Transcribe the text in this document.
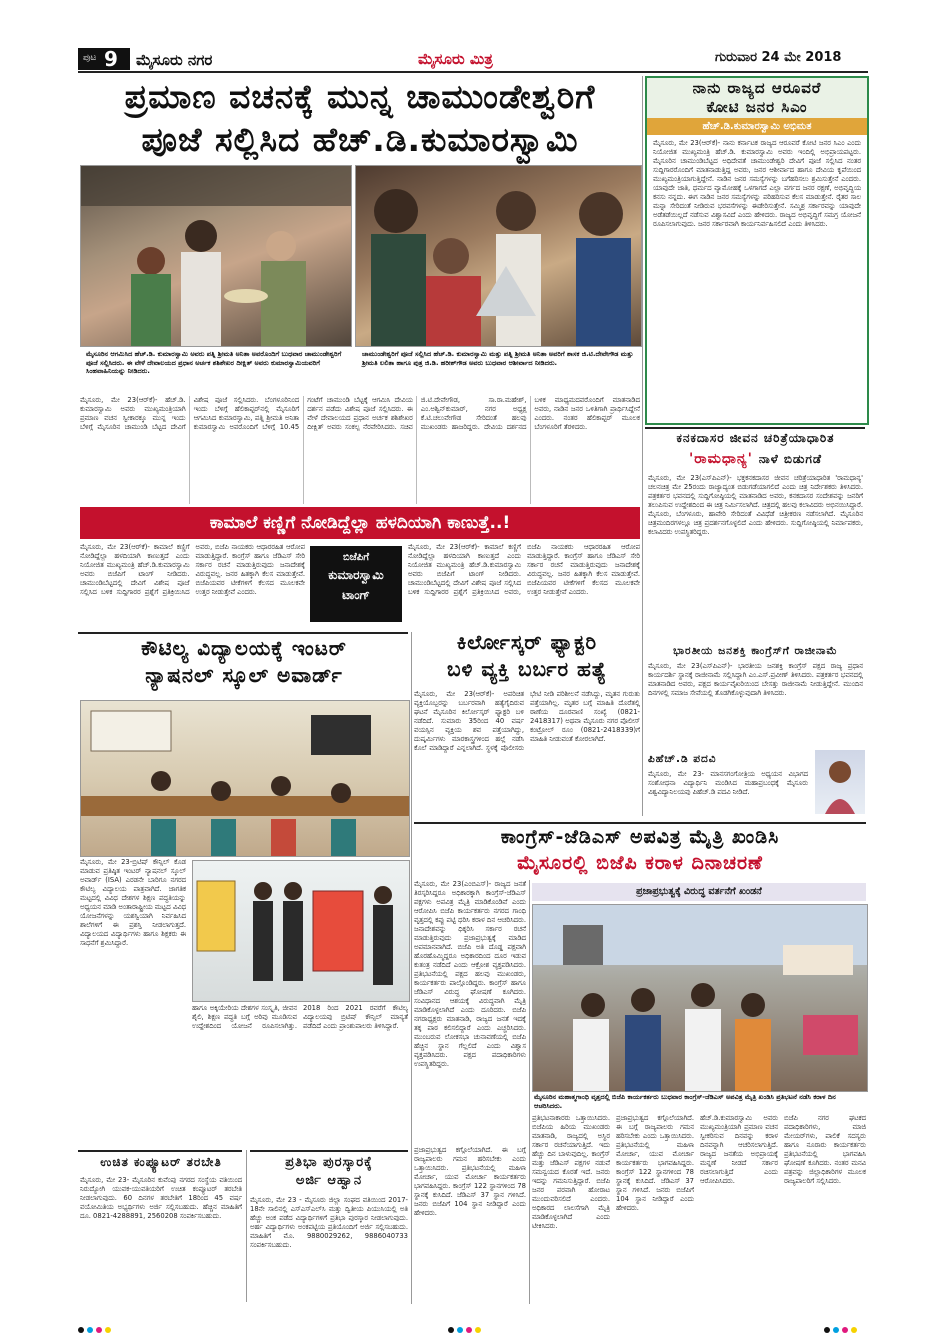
ಪುಟ 9 ಮೈಸೂರು ನಗರ	ಮೈಸೂರು ಮಿತ್ರ	ಗುರುವಾರ 24 ಮೇ 2018
ಪ್ರಮಾಣ ವಚನಕ್ಕೆ ಮುನ್ನ ಚಾಮುಂಡೇಶ್ವರಿಗೆ
ಪೂಜೆ ಸಲ್ಲಿಸಿದ ಹೆಚ್.ಡಿ.ಕುಮಾರಸ್ವಾಮಿ
ಮೈಸೂರಿನ ಆಗಮಿಸಿದ ಹೆಚ್.ಡಿ. ಕುಮಾರಸ್ವಾಮಿ ಅವರು ಪತ್ನಿ ಶ್ರೀಮತಿ ಅನಿತಾ ಅವರೊಂದಿಗೆ ಬುಧವಾರ ಚಾಮುಂಡೇಶ್ವರಿಗೆ ಪೂಜೆ ಸಲ್ಲಿಸಿದರು. ಈ ವೇಳೆ ದೇವಾಲಯದ ಪ್ರಧಾನ ಅರ್ಚಕ ಶಶಿಶೇಖರ ದೀಕ್ಷಿತ್ ಅವರು ಕುಮಾರಸ್ವಾಮಿಯವರಿಗೆ ಸಿಂಹವಾಹಿನಿಯನ್ನು ನೀಡಿದರು.
ಚಾಮುಂಡೇಶ್ವರಿಗೆ ಪೂಜೆ ಸಲ್ಲಿಸಿದ ಹೆಚ್.ಡಿ. ಕುಮಾರಸ್ವಾಮಿ ಮತ್ತು ಪತ್ನಿ ಶ್ರೀಮತಿ ಅನಿತಾ ಅವರಿಗೆ ಶಾಸಕ ಜಿ.ಟಿ.ದೇವೇಗೌಡ ಮತ್ತು ಶ್ರೀಮತಿ ಲಲಿತಾ ಹಾಗೂ ಪುತ್ರ ಜಿ.ಡಿ. ಹರೀಶ್‌ಗೌಡ ಅವರು ಬುಧವಾರ ಆಶೀರ್ವಾದ ನೀಡಿದರು.
ಮೈಸೂರು, ಮೇ 23(ಆರ್‌ಕೆ)- ಹೆಚ್.ಡಿ. ಕುಮಾರಸ್ವಾಮಿ ಅವರು ಮುಖ್ಯಮಂತ್ರಿಯಾಗಿ ಪ್ರಮಾಣ ವಚನ ಸ್ವೀಕಾರಕ್ಕೂ ಮುನ್ನ ಇಂದು ಬೆಳಿಗ್ಗೆ ಮೈಸೂರಿನ ಚಾಮುಂಡಿ ಬೆಟ್ಟದ ದೇವಿಗೆ ವಿಶೇಷ ಪೂಜೆ ಸಲ್ಲಿಸಿದರು. ಬೆಂಗಳೂರಿನಿಂದ ಇಂದು ಬೆಳಿಗ್ಗೆ ಹೆಲಿಕಾಪ್ಟರ್‌ನಲ್ಲಿ ಮೈಸೂರಿಗೆ ಆಗಮಿಸಿದ ಕುಮಾರಸ್ವಾಮಿ, ಪತ್ನಿ ಶ್ರೀಮತಿ ಅನಿತಾ ಕುಮಾರಸ್ವಾಮಿ ಅವರೊಂದಿಗೆ ಬೆಳಿಗ್ಗೆ 10.45 ಗಂಟೆಗೆ ಚಾಮುಂಡಿ ಬೆಟ್ಟಕ್ಕೆ ಆಗಮಿಸಿ ದೇವಿಯ ದರ್ಶನ ಪಡೆದು ವಿಶೇಷ ಪೂಜೆ ಸಲ್ಲಿಸಿದರು. ಈ ವೇಳೆ ದೇವಾಲಯದ ಪ್ರಧಾನ ಅರ್ಚಕ ಶಶಿಶೇಖರ ದೀಕ್ಷಿತ್ ಅವರು ಸಂಕಲ್ಪ ನೆರವೇರಿಸಿದರು. ಸಚಿವ ಜಿ.ಟಿ.ದೇವೇಗೌಡ, ಸಾ.ರಾ.ಮಹೇಶ್, ಎಂ.ಅಶ್ವಿನ್‌ಕುಮಾರ್, ನಗರ ಅಧ್ಯಕ್ಷ ಕೆ.ಟಿ.ಚಲುವೇಗೌಡ ಸೇರಿದಂತೆ ಹಲವು ಮುಖಂಡರು ಹಾಜರಿದ್ದರು. ದೇವಿಯ ದರ್ಶನದ ಬಳಿಕ ಮಾಧ್ಯಮದವರೊಂದಿಗೆ ಮಾತನಾಡಿದ ಅವರು, ನಾಡಿನ ಜನರ ಒಳಿತಿಗಾಗಿ ಪ್ರಾರ್ಥಿಸಿದ್ದೇನೆ ಎಂದರು. ನಂತರ ಹೆಲಿಕಾಪ್ಟರ್ ಮೂಲಕ ಬೆಂಗಳೂರಿಗೆ ತೆರಳಿದರು.
ನಾನು ರಾಜ್ಯದ ಆರೂವರೆ
ಕೋಟಿ ಜನರ ಸಿಎಂ
ಹೆಚ್.ಡಿ.ಕುಮಾರಸ್ವಾಮಿ ಅಭಿಮತ
ಮೈಸೂರು, ಮೇ 23(ಆರ್‌ಕೆ)- ನಾನು ಕರ್ನಾಟಕ ರಾಜ್ಯದ ಆರೂವರೆ ಕೋಟಿ ಜನರ ಸಿಎಂ ಎಂದು ನಿಯೋಜಿತ ಮುಖ್ಯಮಂತ್ರಿ ಹೆಚ್.ಡಿ. ಕುಮಾರಸ್ವಾಮಿ ಅವರು ಇಂದಿಲ್ಲಿ ಅಭಿಪ್ರಾಯಪಟ್ಟರು. ಮೈಸೂರಿನ ಚಾಮುಂಡಿಬೆಟ್ಟದ ಅಧಿದೇವತೆ ಚಾಮುಂಡೇಶ್ವರಿ ದೇವಿಗೆ ಪೂಜೆ ಸಲ್ಲಿಸಿದ ನಂತರ ಸುದ್ದಿಗಾರರೊಂದಿಗೆ ಮಾತನಾಡುತ್ತಿದ್ದ ಅವರು, ಜನರ ಆಶೀರ್ವಾದ ಹಾಗೂ ದೇವಿಯ ಕೃಪೆಯಿಂದ ಮುಖ್ಯಮಂತ್ರಿಯಾಗುತ್ತಿದ್ದೇನೆ. ನಾಡಿನ ಜನರ ಸಮಸ್ಯೆಗಳನ್ನು ಬಗೆಹರಿಸಲು ಶ್ರಮಿಸುತ್ತೇನೆ ಎಂದರು. ಯಾವುದೇ ಜಾತಿ, ಧರ್ಮದ ವ್ಯಾಮೋಹಕ್ಕೆ ಒಳಗಾಗದೆ ಎಲ್ಲಾ ವರ್ಗದ ಜನರ ರಕ್ಷಣೆ, ಅಭಿವೃದ್ಧಿಯ ಕನಸು ನನ್ನದು. ಈಗ ನಾಡಿನ ಜನರ ಸಮಸ್ಯೆಗಳನ್ನು ಪರಿಹರಿಸುವ ಕೆಲಸ ಮಾಡುತ್ತೇನೆ. ರೈತರ ಸಾಲ ಮನ್ನಾ ಸೇರಿದಂತೆ ನೀಡಿರುವ ಭರವಸೆಗಳನ್ನು ಈಡೇರಿಸುತ್ತೇನೆ. ಸಮ್ಮಿಶ್ರ ಸರ್ಕಾರವನ್ನು ಯಾವುದೇ ಅಡೆತಡೆಯಿಲ್ಲದೆ ನಡೆಸುವ ವಿಶ್ವಾಸವಿದೆ ಎಂದು ಹೇಳಿದರು. ರಾಜ್ಯದ ಅಭಿವೃದ್ಧಿಗೆ ಸಮಗ್ರ ಯೋಜನೆ ರೂಪಿಸಲಾಗುವುದು. ಜನರ ಸರ್ಕಾರವಾಗಿ ಕಾರ್ಯನಿರ್ವಹಿಸಲಿದೆ ಎಂದು ತಿಳಿಸಿದರು.
ಕಾಮಾಲೆ ಕಣ್ಣಿಗೆ ನೋಡಿದ್ದೆಲ್ಲಾ ಹಳದಿಯಾಗಿ ಕಾಣುತ್ತೆ..!
ಮೈಸೂರು, ಮೇ 23(ಆರ್‌ಕೆ)- ಕಾಮಾಲೆ ಕಣ್ಣಿಗೆ ನೋಡಿದ್ದೆಲ್ಲಾ ಹಳದಿಯಾಗಿ ಕಾಣುತ್ತದೆ ಎಂದು ನಿಯೋಜಿತ ಮುಖ್ಯಮಂತ್ರಿ ಹೆಚ್.ಡಿ.ಕುಮಾರಸ್ವಾಮಿ ಅವರು ಬಿಜೆಪಿಗೆ ಟಾಂಗ್ ನೀಡಿದರು. ಚಾಮುಂಡಿಬೆಟ್ಟದಲ್ಲಿ ದೇವಿಗೆ ವಿಶೇಷ ಪೂಜೆ ಸಲ್ಲಿಸಿದ ಬಳಿಕ ಸುದ್ದಿಗಾರರ ಪ್ರಶ್ನೆಗೆ ಪ್ರತಿಕ್ರಿಯಿಸಿದ ಅವರು, ಬಿಜೆಪಿ ನಾಯಕರು ಆಧಾರರಹಿತ ಆರೋಪ ಮಾಡುತ್ತಿದ್ದಾರೆ. ಕಾಂಗ್ರೆಸ್ ಹಾಗೂ ಜೆಡಿಎಸ್ ಸೇರಿ ಸರ್ಕಾರ ರಚನೆ ಮಾಡುತ್ತಿರುವುದು ಜನಾದೇಶಕ್ಕೆ ವಿರುದ್ಧವಲ್ಲ. ಜನರ ಹಿತಕ್ಕಾಗಿ ಕೆಲಸ ಮಾಡುತ್ತೇವೆ. ಬಿಜೆಪಿಯವರ ಟೀಕೆಗಳಿಗೆ ಕೆಲಸದ ಮೂಲಕವೇ ಉತ್ತರ ನೀಡುತ್ತೇವೆ ಎಂದರು.
ಬಿಜೆಪಿಗೆ
ಕುಮಾರಸ್ವಾಮಿ
ಟಾಂಗ್
ಮೈಸೂರು, ಮೇ 23(ಆರ್‌ಕೆ)- ಕಾಮಾಲೆ ಕಣ್ಣಿಗೆ ನೋಡಿದ್ದೆಲ್ಲಾ ಹಳದಿಯಾಗಿ ಕಾಣುತ್ತದೆ ಎಂದು ನಿಯೋಜಿತ ಮುಖ್ಯಮಂತ್ರಿ ಹೆಚ್.ಡಿ.ಕುಮಾರಸ್ವಾಮಿ ಅವರು ಬಿಜೆಪಿಗೆ ಟಾಂಗ್ ನೀಡಿದರು. ಚಾಮುಂಡಿಬೆಟ್ಟದಲ್ಲಿ ದೇವಿಗೆ ವಿಶೇಷ ಪೂಜೆ ಸಲ್ಲಿಸಿದ ಬಳಿಕ ಸುದ್ದಿಗಾರರ ಪ್ರಶ್ನೆಗೆ ಪ್ರತಿಕ್ರಿಯಿಸಿದ ಅವರು, ಬಿಜೆಪಿ ನಾಯಕರು ಆಧಾರರಹಿತ ಆರೋಪ ಮಾಡುತ್ತಿದ್ದಾರೆ. ಕಾಂಗ್ರೆಸ್ ಹಾಗೂ ಜೆಡಿಎಸ್ ಸೇರಿ ಸರ್ಕಾರ ರಚನೆ ಮಾಡುತ್ತಿರುವುದು ಜನಾದೇಶಕ್ಕೆ ವಿರುದ್ಧವಲ್ಲ. ಜನರ ಹಿತಕ್ಕಾಗಿ ಕೆಲಸ ಮಾಡುತ್ತೇವೆ. ಬಿಜೆಪಿಯವರ ಟೀಕೆಗಳಿಗೆ ಕೆಲಸದ ಮೂಲಕವೇ ಉತ್ತರ ನೀಡುತ್ತೇವೆ ಎಂದರು.
ಕನಕದಾಸರ ಜೀವನ ಚರಿತ್ರೆಯಾಧಾರಿತ
'ರಾಮಧಾನ್ಯ' ನಾಳೆ ಬಿಡುಗಡೆ
ಮೈಸೂರು, ಮೇ 23(ಎಸ್‌ಪಿಎನ್)- ಭಕ್ತಕನಕದಾಸರ ಜೀವನ ಚರಿತ್ರೆಯಾಧಾರಿತ 'ರಾಮಧಾನ್ಯ' ಚಲನಚಿತ್ರ ಮೇ 25ರಂದು ರಾಜ್ಯಾದ್ಯಂತ ಬಿಡುಗಡೆಯಾಗಲಿದೆ ಎಂದು ಚಿತ್ರ ನಿರ್ದೇಶಕರು ತಿಳಿಸಿದರು. ಪತ್ರಕರ್ತರ ಭವನದಲ್ಲಿ ಸುದ್ದಿಗೋಷ್ಠಿಯಲ್ಲಿ ಮಾತನಾಡಿದ ಅವರು, ಕನಕದಾಸರ ಸಂದೇಶವನ್ನು ಜನರಿಗೆ ತಲುಪಿಸುವ ಉದ್ದೇಶದಿಂದ ಈ ಚಿತ್ರ ನಿರ್ಮಿಸಲಾಗಿದೆ. ಚಿತ್ರದಲ್ಲಿ ಹಲವು ಕಲಾವಿದರು ಅಭಿನಯಿಸಿದ್ದಾರೆ. ಮೈಸೂರು, ಬೆಂಗಳೂರು, ಹಾವೇರಿ ಸೇರಿದಂತೆ ವಿವಿಧೆಡೆ ಚಿತ್ರೀಕರಣ ನಡೆಸಲಾಗಿದೆ. ಮೈಸೂರಿನ ಚಿತ್ರಮಂದಿರಗಳಲ್ಲೂ ಚಿತ್ರ ಪ್ರದರ್ಶನಗೊಳ್ಳಲಿದೆ ಎಂದು ಹೇಳಿದರು. ಸುದ್ದಿಗೋಷ್ಠಿಯಲ್ಲಿ ನಿರ್ಮಾಪಕರು, ಕಲಾವಿದರು ಉಪಸ್ಥಿತರಿದ್ದರು.
ಭಾರತೀಯ ಜನಶಕ್ತಿ ಕಾಂಗ್ರೆಸ್‌ಗೆ ರಾಜೀನಾಮೆ
ಮೈಸೂರು, ಮೇ 23(ಎಸ್‌ಪಿಎನ್)- ಭಾರತೀಯ ಜನಶಕ್ತಿ ಕಾಂಗ್ರೆಸ್ ಪಕ್ಷದ ರಾಜ್ಯ ಪ್ರಧಾನ ಕಾರ್ಯದರ್ಶಿ ಸ್ಥಾನಕ್ಕೆ ರಾಜೀನಾಮೆ ಸಲ್ಲಿಸಿದ್ದಾಗಿ ಎಂ.ಎಸ್.ಪ್ರವೀಣ್ ತಿಳಿಸಿದರು. ಪತ್ರಕರ್ತರ ಭವನದಲ್ಲಿ ಮಾತನಾಡಿದ ಅವರು, ಪಕ್ಷದ ಕಾರ್ಯವೈಖರಿಯಿಂದ ಬೇಸತ್ತು ರಾಜೀನಾಮೆ ನೀಡುತ್ತಿದ್ದೇನೆ. ಮುಂದಿನ ದಿನಗಳಲ್ಲಿ ಸಮಾಜ ಸೇವೆಯಲ್ಲಿ ತೊಡಗಿಕೊಳ್ಳುವುದಾಗಿ ತಿಳಿಸಿದರು.
ಪಿಹೆಚ್.ಡಿ ಪದವಿ
ಮೈಸೂರು, ಮೇ 23- ಮಾನಸಗಂಗೋತ್ರಿಯ ಅಧ್ಯಯನ ವಿಭಾಗದ ಸಂಶೋಧನಾ ವಿದ್ಯಾರ್ಥಿನಿ ಮಂಡಿಸಿದ ಮಹಾಪ್ರಬಂಧಕ್ಕೆ ಮೈಸೂರು ವಿಶ್ವವಿದ್ಯಾನಿಲಯವು ಪಿಹೆಚ್.ಡಿ ಪದವಿ ನೀಡಿದೆ.
ಕೌಟಿಲ್ಯ ವಿದ್ಯಾಲಯಕ್ಕೆ ಇಂಟರ್
ನ್ಯಾಷನಲ್ ಸ್ಕೂಲ್ ಅವಾರ್ಡ್
ಮೈಸೂರು, ಮೇ 23-ಬ್ರಿಟಿಷ್ ಕೌನ್ಸಿಲ್ ಕೊಡ ಮಾಡುವ ಪ್ರತಿಷ್ಠಿತ ಇಂಟರ್ ನ್ಯಾಷನಲ್ ಸ್ಕೂಲ್ ಅವಾರ್ಡ್ (ISA) ಎರಡನೇ ಬಾರಿಗೂ ನಗರದ ಕೌಟಿಲ್ಯ ವಿದ್ಯಾಲಯ ಪಾತ್ರವಾಗಿದೆ. ಜಾಗತಿಕ ಮಟ್ಟದಲ್ಲಿ ವಿವಿಧ ದೇಶಗಳ ಶಿಕ್ಷಣ ಪದ್ಧತಿಯನ್ನು ಅಧ್ಯಯನ ಮಾಡಿ ಅಂತಾರಾಷ್ಟ್ರೀಯ ಮಟ್ಟದ ವಿವಿಧ ಯೋಜನೆಗಳನ್ನು ಯಶಸ್ವಿಯಾಗಿ ನಿರ್ವಹಿಸಿದ ಶಾಲೆಗಳಿಗೆ ಈ ಪ್ರಶಸ್ತಿ ನೀಡಲಾಗುತ್ತದೆ. ವಿದ್ಯಾಲಯದ ವಿದ್ಯಾರ್ಥಿಗಳು ಹಾಗೂ ಶಿಕ್ಷಕರು ಈ ಸಾಧನೆಗೆ ಶ್ರಮಿಸಿದ್ದಾರೆ.
ಹಾಗೂ ಅಕ್ಕಿಯೇರಿಯ ದೇಶಗಳ ಸಂಸ್ಕೃತಿ, ಜೀವನ ಶೈಲಿ, ಶಿಕ್ಷಣ ಪದ್ಧತಿ ಬಗ್ಗೆ ಅರಿವು ಮೂಡಿಸುವ ಉದ್ದೇಶದಿಂದ ಯೋಜನೆ ರೂಪಿಸಲಾಗಿತ್ತು. 2018 ರಿಂದ 2021 ರವರೆಗೆ ಕೌಟಿಲ್ಯ ವಿದ್ಯಾಲಯವು ಬ್ರಿಟಿಷ್ ಕೌನ್ಸಿಲ್ ಮಾನ್ಯತೆ ಪಡೆದಿದೆ ಎಂದು ಪ್ರಾಂಶುಪಾಲರು ತಿಳಿಸಿದ್ದಾರೆ.
ಕಿರ್ಲೋಸ್ಕರ್ ಫ್ಯಾಕ್ಟರಿ
ಬಳಿ ವ್ಯಕ್ತಿ ಬರ್ಬರ ಹತ್ಯೆ
ಮೈಸೂರು, ಮೇ 23(ಆರ್‌ಕೆ)- ಅಪರಿಚಿತ ವ್ಯಕ್ತಿಯೊಬ್ಬರನ್ನು ಬರ್ಬರವಾಗಿ ಹತ್ಯೆಗೈದಿರುವ ಘಟನೆ ಮೈಸೂರಿನ ಕಿರ್ಲೋಸ್ಕರ್ ಫ್ಯಾಕ್ಟರಿ ಬಳಿ ನಡೆದಿದೆ. ಸುಮಾರು 35ರಿಂದ 40 ವರ್ಷ ವಯಸ್ಸಿನ ವ್ಯಕ್ತಿಯ ಶವ ಪತ್ತೆಯಾಗಿದ್ದು, ದುಷ್ಕರ್ಮಿಗಳು ಮಾರಕಾಸ್ತ್ರಗಳಿಂದ ಹಲ್ಲೆ ನಡೆಸಿ ಕೊಲೆ ಮಾಡಿದ್ದಾರೆ ಎನ್ನಲಾಗಿದೆ. ಸ್ಥಳಕ್ಕೆ ಪೊಲೀಸರು ಭೇಟಿ ನೀಡಿ ಪರಿಶೀಲನೆ ನಡೆಸಿದ್ದು, ಮೃತನ ಗುರುತು ಪತ್ತೆಯಾಗಿಲ್ಲ. ಮೃತರ ಬಗ್ಗೆ ಮಾಹಿತಿ ದೊರೆತಲ್ಲಿ ಠಾಣೆಯ ದೂರವಾಣಿ ಸಂಖ್ಯೆ (0821-2418317) ಅಥವಾ ಮೈಸೂರು ನಗರ ಪೊಲೀಸ್ ಕಂಟ್ರೋಲ್ ರೂಂ (0821-2418339)ಗೆ ಮಾಹಿತಿ ನೀಡುವಂತೆ ಕೋರಲಾಗಿದೆ.
ಕಾಂಗ್ರೆಸ್-ಜೆಡಿಎಸ್ ಅಪವಿತ್ರ ಮೈತ್ರಿ ಖಂಡಿಸಿ
ಮೈಸೂರಲ್ಲಿ ಬಿಜೆಪಿ ಕರಾಳ ದಿನಾಚರಣೆ
ಮೈಸೂರು, ಮೇ 23(ಎಂಬಿಎಸ್)- ರಾಜ್ಯದ ಜನತೆ ತಿರಸ್ಕರಿಸಿದ್ದರೂ ಅಧಿಕಾರಕ್ಕಾಗಿ ಕಾಂಗ್ರೆಸ್-ಜೆಡಿಎಸ್ ಪಕ್ಷಗಳು ಅಪವಿತ್ರ ಮೈತ್ರಿ ಮಾಡಿಕೊಂಡಿವೆ ಎಂದು ಆರೋಪಿಸಿ ಬಿಜೆಪಿ ಕಾರ್ಯಕರ್ತರು ನಗರದ ಗಾಂಧಿ ವೃತ್ತದಲ್ಲಿ ಕಪ್ಪು ಪಟ್ಟಿ ಧರಿಸಿ ಕರಾಳ ದಿನ ಆಚರಿಸಿದರು. ಜನಾದೇಶವನ್ನು ಧಿಕ್ಕರಿಸಿ ಸರ್ಕಾರ ರಚನೆ ಮಾಡುತ್ತಿರುವುದು ಪ್ರಜಾಪ್ರಭುತ್ವಕ್ಕೆ ಮಾಡಿದ ಅಪಮಾನವಾಗಿದೆ. ಬಿಜೆಪಿ ಅತಿ ದೊಡ್ಡ ಪಕ್ಷವಾಗಿ ಹೊರಹೊಮ್ಮಿದ್ದರೂ ಅಧಿಕಾರದಿಂದ ದೂರ ಇಡುವ ಕುತಂತ್ರ ನಡೆದಿದೆ ಎಂದು ಆಕ್ರೋಶ ವ್ಯಕ್ತಪಡಿಸಿದರು. ಪ್ರತಿಭಟನೆಯಲ್ಲಿ ಪಕ್ಷದ ಹಲವು ಮುಖಂಡರು, ಕಾರ್ಯಕರ್ತರು ಪಾಲ್ಗೊಂಡಿದ್ದರು. ಕಾಂಗ್ರೆಸ್ ಹಾಗೂ ಜೆಡಿಎಸ್ ವಿರುದ್ಧ ಘೋಷಣೆ ಕೂಗಿದರು. ಸಂವಿಧಾನದ ಆಶಯಕ್ಕೆ ವಿರುದ್ಧವಾಗಿ ಮೈತ್ರಿ ಮಾಡಿಕೊಳ್ಳಲಾಗಿದೆ ಎಂದು ದೂರಿದರು. ಬಿಜೆಪಿ ನಗರಾಧ್ಯಕ್ಷರು ಮಾತನಾಡಿ, ರಾಜ್ಯದ ಜನತೆ ಇದಕ್ಕೆ ತಕ್ಕ ಪಾಠ ಕಲಿಸಲಿದ್ದಾರೆ ಎಂದು ಎಚ್ಚರಿಸಿದರು. ಮುಂಬರುವ ಲೋಕಸಭಾ ಚುನಾವಣೆಯಲ್ಲಿ ಬಿಜೆಪಿ ಹೆಚ್ಚಿನ ಸ್ಥಾನ ಗೆಲ್ಲಲಿದೆ ಎಂದು ವಿಶ್ವಾಸ ವ್ಯಕ್ತಪಡಿಸಿದರು. ಪಕ್ಷದ ಪದಾಧಿಕಾರಿಗಳು ಉಪಸ್ಥಿತರಿದ್ದರು.
ಪ್ರಜಾಪ್ರಭುತ್ವಕ್ಕೆ ವಿರುದ್ಧ ವರ್ತನೆಗೆ ಖಂಡನೆ
ಮೈಸೂರಿನ ಮಹಾತ್ಮಗಾಂಧಿ ವೃತ್ತದಲ್ಲಿ ಬಿಜೆಪಿ ಕಾರ್ಯಕರ್ತರು ಬುಧವಾರ ಕಾಂಗ್ರೆಸ್-ಜೆಡಿಎಸ್ ಅಪವಿತ್ರ ಮೈತ್ರಿ ಖಂಡಿಸಿ ಪ್ರತಿಭಟನೆ ನಡೆಸಿ ಕರಾಳ ದಿನ ಆಚರಿಸಿದರು.
ಪ್ರತಿಭಟನಾಕಾರರು ಒತ್ತಾಯಿಸಿದರು. ಬಿಜೆಪಿಯ ಹಿರಿಯ ಮುಖಂಡರು ಮಾತನಾಡಿ, ರಾಜ್ಯದಲ್ಲಿ ಅಸ್ಥಿರ ಸರ್ಕಾರ ರಚನೆಯಾಗುತ್ತಿದೆ. ಇದು ಹೆಚ್ಚು ದಿನ ಬಾಳುವುದಿಲ್ಲ. ಕಾಂಗ್ರೆಸ್ ಮತ್ತು ಜೆಡಿಎಸ್ ಪಕ್ಷಗಳ ನಡುವೆ ಸಮನ್ವಯದ ಕೊರತೆ ಇದೆ. ಜನರು ಇದನ್ನು ಗಮನಿಸುತ್ತಿದ್ದಾರೆ. ಬಿಜೆಪಿ ಜನರ ಪರವಾಗಿ ಹೋರಾಟ ಮುಂದುವರಿಸಲಿದೆ ಎಂದರು. ಅಧಿಕಾರದ ಲಾಲಸೆಗಾಗಿ ಮೈತ್ರಿ ಮಾಡಿಕೊಳ್ಳಲಾಗಿದೆ ಎಂದು ಟೀಕಿಸಿದರು.
ಪ್ರಜಾಪ್ರಭುತ್ವದ ಕಗ್ಗೊಲೆಯಾಗಿದೆ. ಈ ಬಗ್ಗೆ ರಾಜ್ಯಪಾಲರು ಗಮನ ಹರಿಸಬೇಕು ಎಂದು ಒತ್ತಾಯಿಸಿದರು. ಪ್ರತಿಭಟನೆಯಲ್ಲಿ ಮಹಿಳಾ ಮೋರ್ಚಾ, ಯುವ ಮೋರ್ಚಾ ಕಾರ್ಯಕರ್ತರು ಭಾಗವಹಿಸಿದ್ದರು. ಕಾಂಗ್ರೆಸ್ 122 ಸ್ಥಾನಗಳಿಂದ 78 ಸ್ಥಾನಕ್ಕೆ ಕುಸಿದಿದೆ. ಜೆಡಿಎಸ್ 37 ಸ್ಥಾನ ಗಳಿಸಿದೆ. ಜನರು ಬಿಜೆಪಿಗೆ 104 ಸ್ಥಾನ ನೀಡಿದ್ದಾರೆ ಎಂದು ಹೇಳಿದರು.
ಹೆಚ್.ಡಿ.ಕುಮಾರಸ್ವಾಮಿ ಅವರು ಮುಖ್ಯಮಂತ್ರಿಯಾಗಿ ಪ್ರಮಾಣ ವಚನ ಸ್ವೀಕರಿಸುವ ದಿನವನ್ನು ಕರಾಳ ದಿನವನ್ನಾಗಿ ಆಚರಿಸಲಾಗುತ್ತಿದೆ. ರಾಜ್ಯದ ಜನತೆಯ ಅಭಿಪ್ರಾಯಕ್ಕೆ ಮನ್ನಣೆ ನೀಡದೆ ಸರ್ಕಾರ ರಚಿಸಲಾಗುತ್ತಿದೆ ಎಂದು ಆರೋಪಿಸಿದರು.
ಬಿಜೆಪಿ ನಗರ ಘಟಕದ ಪದಾಧಿಕಾರಿಗಳು, ಮಾಜಿ ಮೇಯರ್‌ಗಳು, ಪಾಲಿಕೆ ಸದಸ್ಯರು ಹಾಗೂ ನೂರಾರು ಕಾರ್ಯಕರ್ತರು ಪ್ರತಿಭಟನೆಯಲ್ಲಿ ಭಾಗವಹಿಸಿ ಘೋಷಣೆ ಕೂಗಿದರು. ನಂತರ ಮನವಿ ಪತ್ರವನ್ನು ಜಿಲ್ಲಾಧಿಕಾರಿಗಳ ಮೂಲಕ ರಾಜ್ಯಪಾಲರಿಗೆ ಸಲ್ಲಿಸಿದರು.
ಪ್ರಜಾಪ್ರಭುತ್ವದ ಕಗ್ಗೊಲೆಯಾಗಿದೆ. ಈ ಬಗ್ಗೆ ರಾಜ್ಯಪಾಲರು ಗಮನ ಹರಿಸಬೇಕು ಎಂದು ಒತ್ತಾಯಿಸಿದರು. ಪ್ರತಿಭಟನೆಯಲ್ಲಿ ಮಹಿಳಾ ಮೋರ್ಚಾ, ಯುವ ಮೋರ್ಚಾ ಕಾರ್ಯಕರ್ತರು ಭಾಗವಹಿಸಿದ್ದರು. ಕಾಂಗ್ರೆಸ್ 122 ಸ್ಥಾನಗಳಿಂದ 78 ಸ್ಥಾನಕ್ಕೆ ಕುಸಿದಿದೆ. ಜೆಡಿಎಸ್ 37 ಸ್ಥಾನ ಗಳಿಸಿದೆ. ಜನರು ಬಿಜೆಪಿಗೆ 104 ಸ್ಥಾನ ನೀಡಿದ್ದಾರೆ ಎಂದು ಹೇಳಿದರು.
ಉಚಿತ ಕಂಪ್ಯೂಟರ್ ತರಬೇತಿ
ಮೈಸೂರು, ಮೇ 23- ಮೈಸೂರಿನ ಕುವೆಂಪು ನಗರದ ಸಂಸ್ಥೆಯ ವತಿಯಿಂದ ನಿರುದ್ಯೋಗಿ ಯುವಕ-ಯುವತಿಯರಿಗೆ ಉಚಿತ ಕಂಪ್ಯೂಟರ್ ತರಬೇತಿ ನೀಡಲಾಗುವುದು. 60 ದಿನಗಳ ತರಬೇತಿಗೆ 18ರಿಂದ 45 ವರ್ಷ ವಯೋಮಿತಿಯ ಅಭ್ಯರ್ಥಿಗಳು ಅರ್ಜಿ ಸಲ್ಲಿಸಬಹುದು. ಹೆಚ್ಚಿನ ಮಾಹಿತಿಗೆ ದೂ. 0821-4288891, 2560208 ಸಂಪರ್ಕಿಸಬಹುದು.
ಪ್ರತಿಭಾ ಪುರಸ್ಕಾರಕ್ಕೆ
ಅರ್ಜಿ ಆಹ್ವಾನ
ಮೈಸೂರು, ಮೇ 23 - ಮೈಸೂರು ಜಿಲ್ಲಾ ಸಂಘದ ವತಿಯಿಂದ 2017-18ನೇ ಸಾಲಿನಲ್ಲಿ ಎಸ್ಎಸ್ಎಲ್‌ಸಿ ಮತ್ತು ದ್ವಿತೀಯ ಪಿಯುಸಿಯಲ್ಲಿ ಅತಿ ಹೆಚ್ಚು ಅಂಕ ಪಡೆದ ವಿದ್ಯಾರ್ಥಿಗಳಿಗೆ ಪ್ರತಿಭಾ ಪುರಸ್ಕಾರ ನೀಡಲಾಗುವುದು. ಅರ್ಹ ವಿದ್ಯಾರ್ಥಿಗಳು ಅಂಕಪಟ್ಟಿಯ ಪ್ರತಿಯೊಂದಿಗೆ ಅರ್ಜಿ ಸಲ್ಲಿಸಬಹುದು. ಮಾಹಿತಿಗೆ ಮೊ. 9880029262, 9886040733 ಸಂಪರ್ಕಿಸಬಹುದು.
